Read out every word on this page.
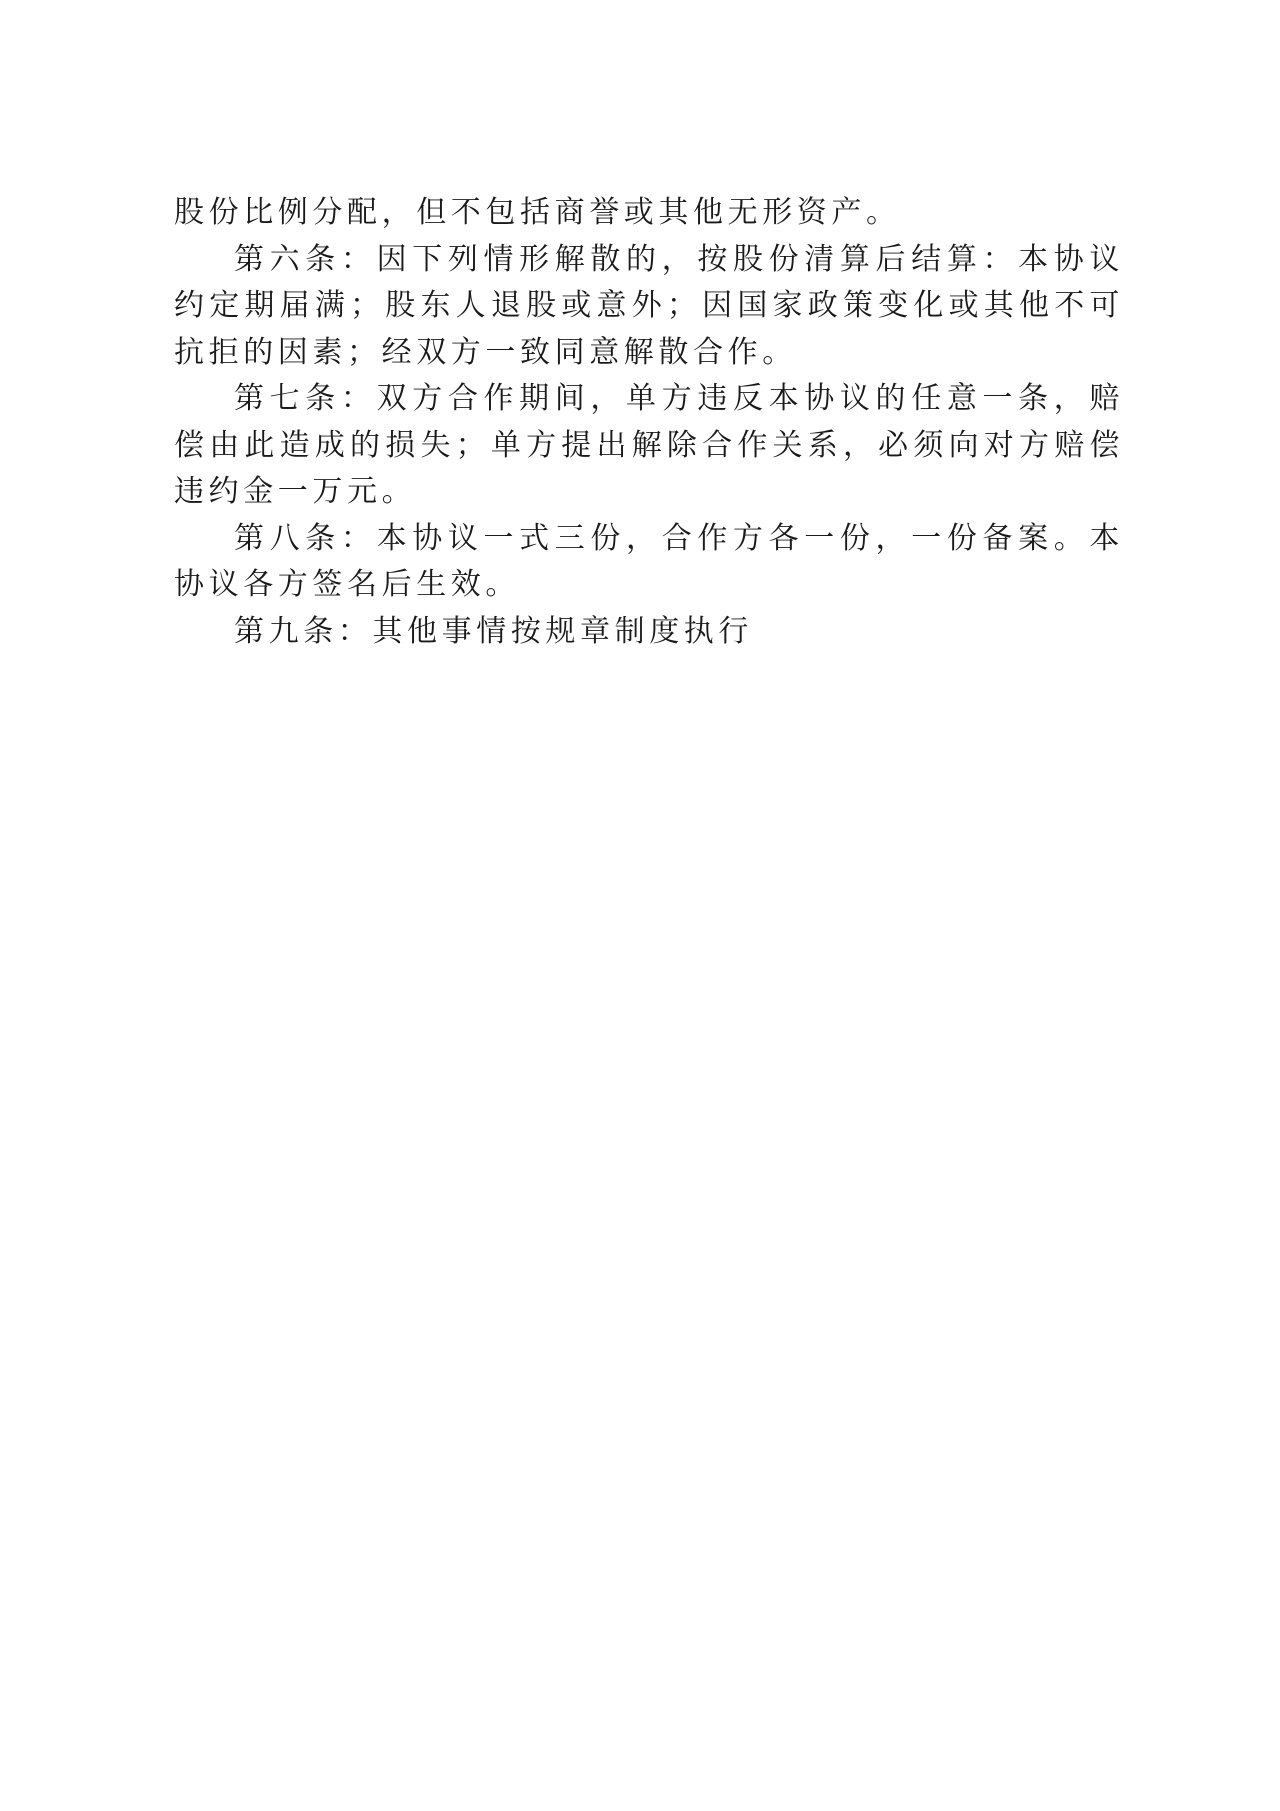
股份比例分配，但不包括商誉或其他无形资产。

第六条：因下列情形解散的，按股份清算后结算：本协议约定期届满；股东人退股或意外；因国家政策变化或其他不可抗拒的因素；经双方一致同意解散合作。

第七条：双方合作期间，单方违反本协议的任意一条，赔偿由此造成的损失；单方提出解除合作关系，必须向对方赔偿违约金一万元。

第八条：本协议一式三份，合作方各一份，一份备案。本协议各方签名后生效。

第九条：其他事情按规章制度执行
